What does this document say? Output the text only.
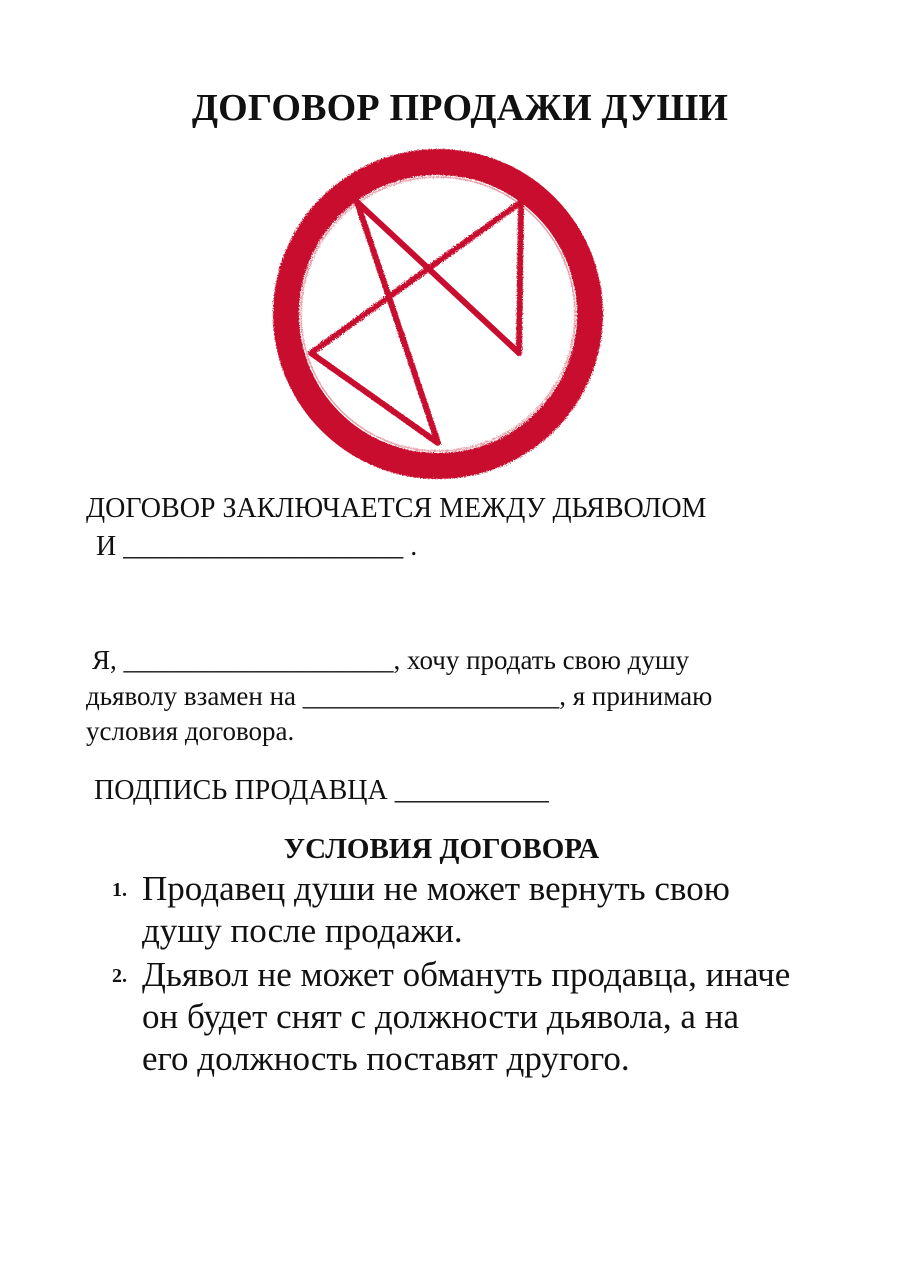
ДОГОВОР ПРОДАЖИ ДУШИ

ДОГОВОР ЗАКЛЮЧАЕТСЯ МЕЖДУ ДЬЯВОЛОМ

И ____________________ .

Я, ____________________, хочу продать свою душу

дьяволу взамен на ___________________, я принимаю

условия договора.

ПОДПИСЬ ПРОДАВЦА ___________

УСЛОВИЯ ДОГОВОРА
1. Продавец души не может вернуть свою
душу после продажи.
2. Дьявол не может обмануть продавца, иначе
он будет снят с должности дьявола, а на
его должность поставят другого.
